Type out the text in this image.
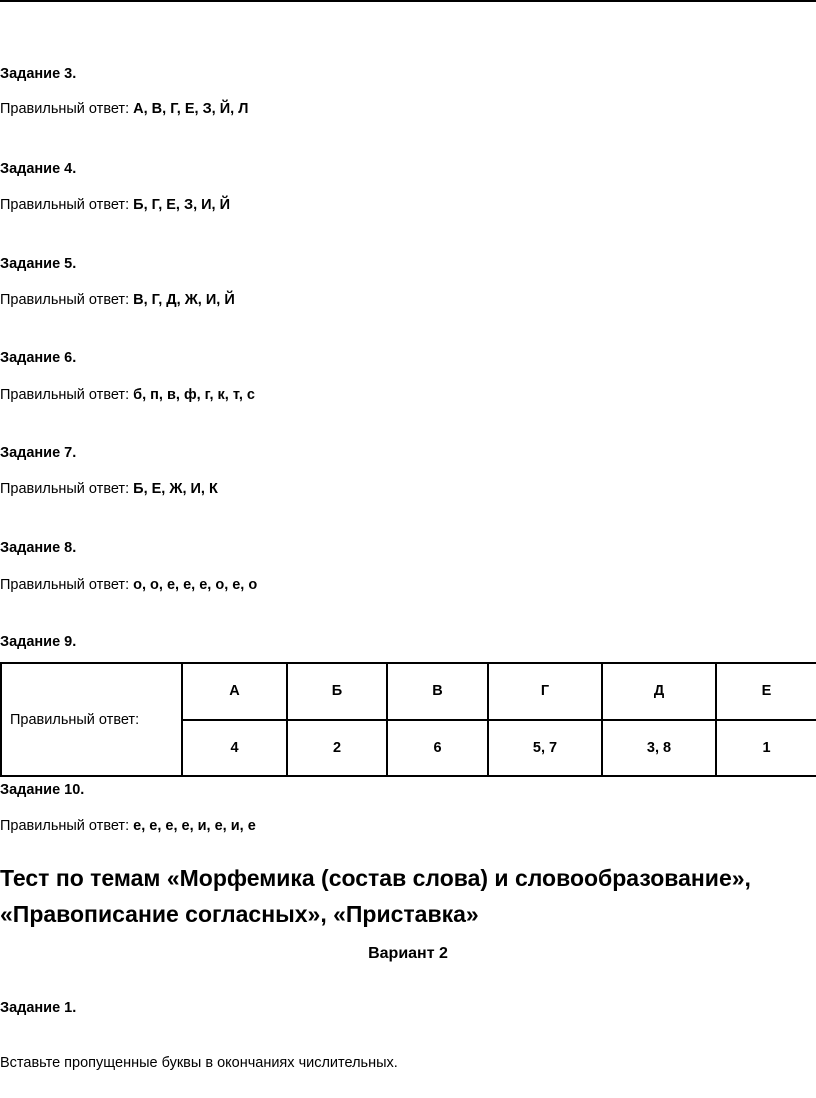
Задание 3.
Правильный ответ: А, В, Г, Е, З, Й, Л
Задание 4.
Правильный ответ: Б, Г, Е, З, И, Й
Задание 5.
Правильный ответ: В, Г, Д, Ж, И, Й
Задание 6.
Правильный ответ: б, п, в, ф, г, к, т, с
Задание 7.
Правильный ответ: Б, Е, Ж, И, К
Задание 8.
Правильный ответ: о, о, е, е, е, о, е, о
Задание 9.
Правильный ответ:	А	Б	В	Г	Д	Е
	4	2	6	5, 7	3, 8	1
Задание 10.
Правильный ответ: е, е, е, е, и, е, и, е
Тест по темам «Морфемика (состав слова) и словообразование»,
«Правописание согласных», «Приставка»
Вариант 2
Задание 1.
Вставьте пропущенные буквы в окончаниях числительных.
